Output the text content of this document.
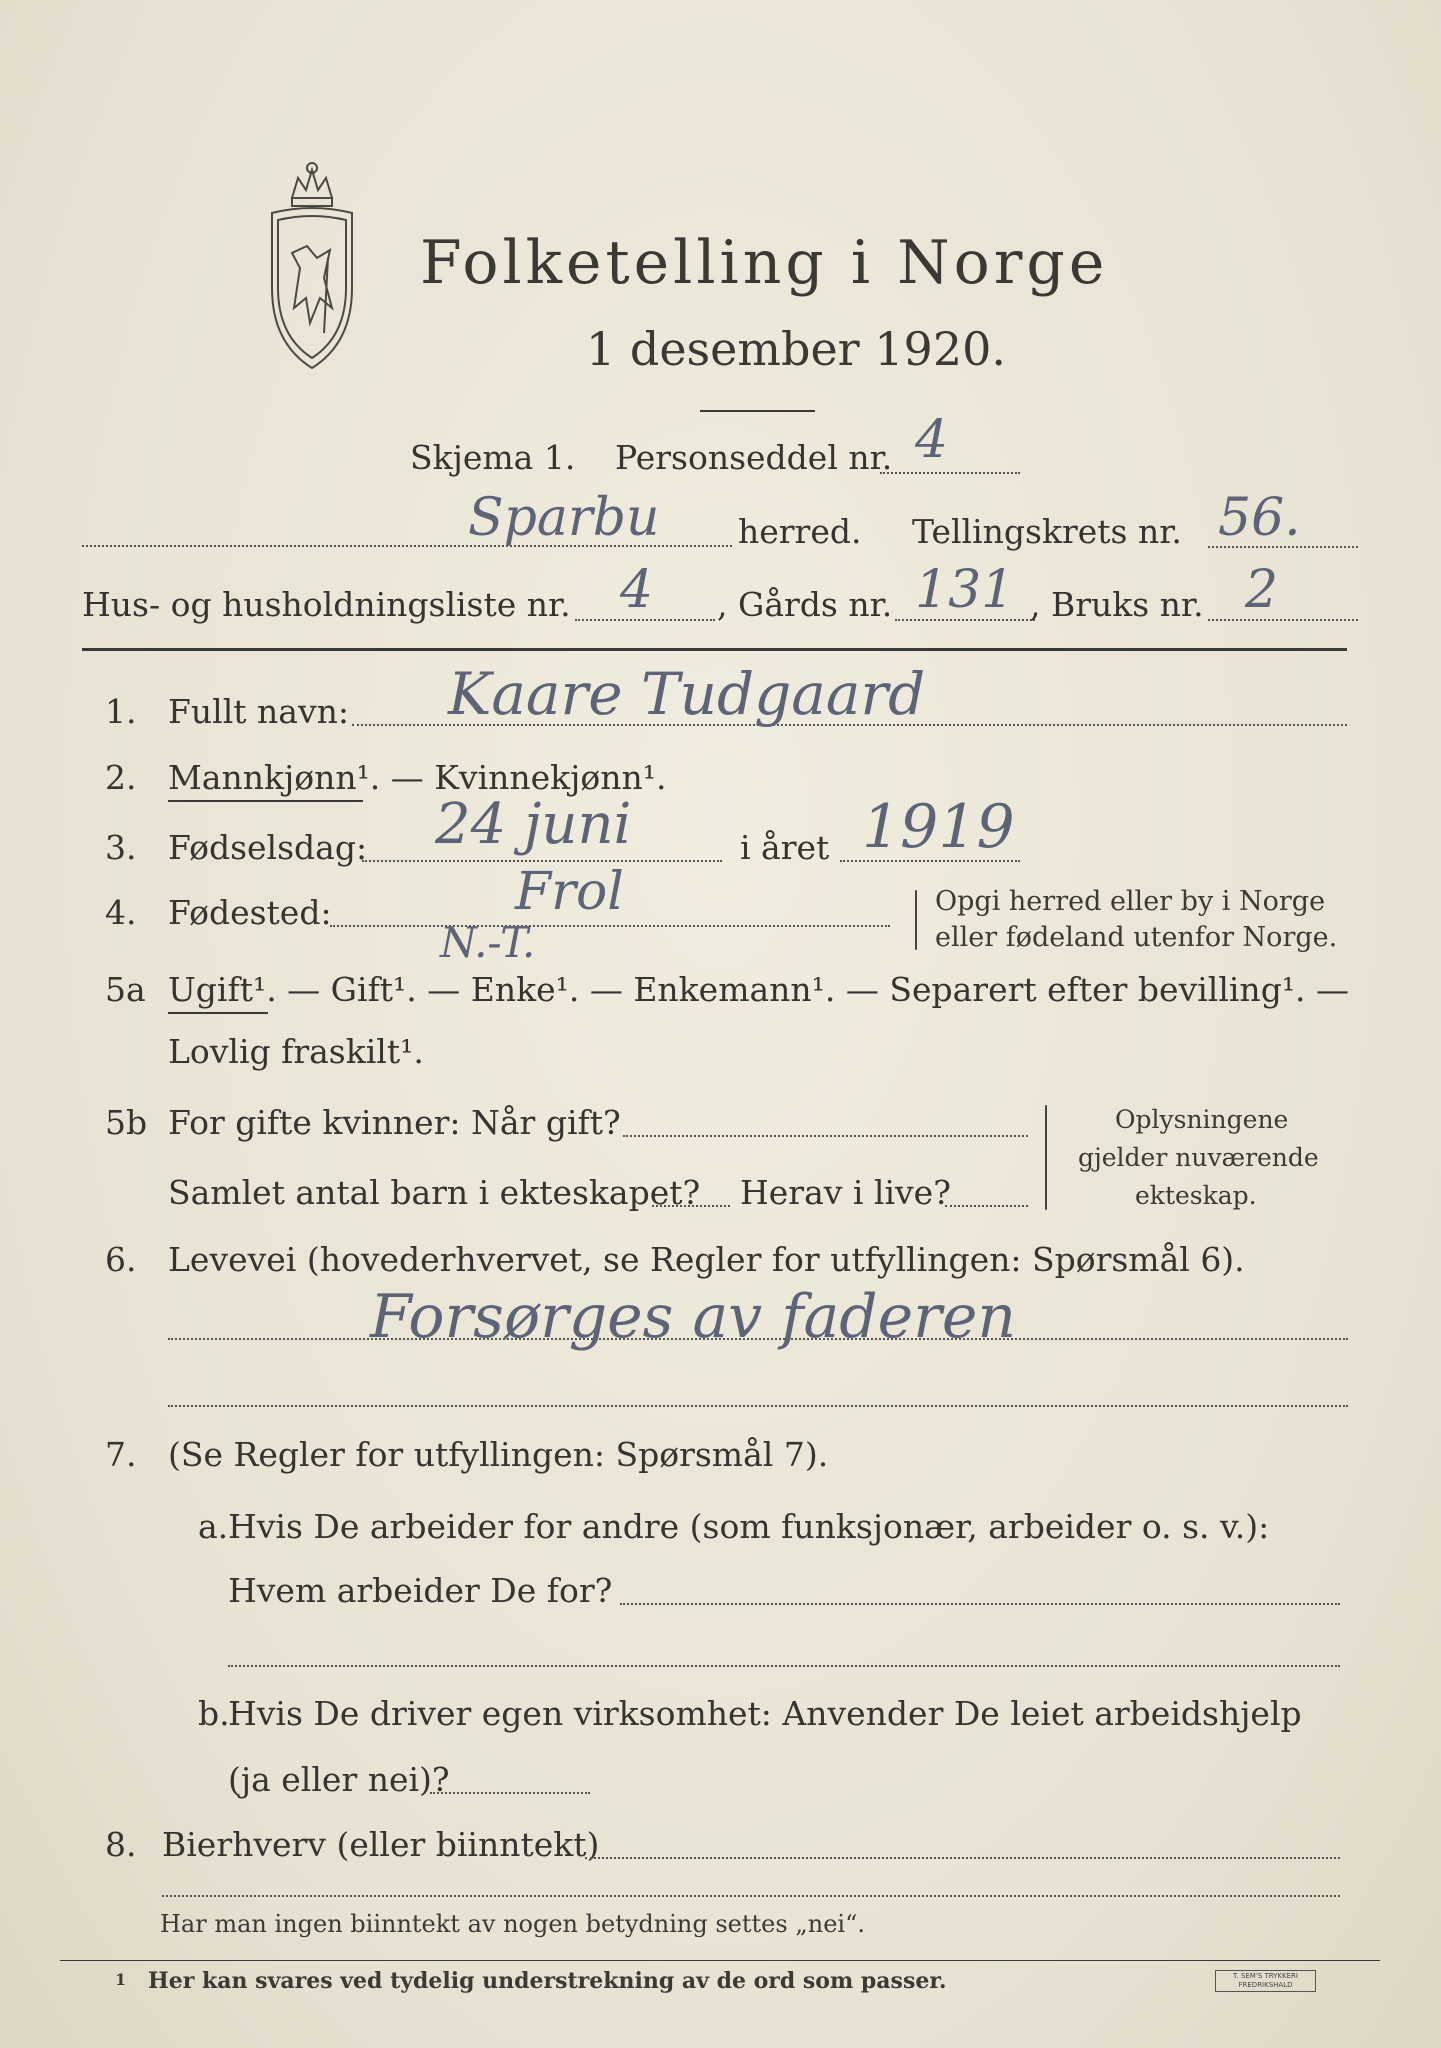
Folketelling i Norge
1 desember 1920.
Skjema 1. Personseddel nr. 4
Sparbu herred. Tellingskrets nr. 56.
Hus- og husholdningsliste nr. 4 , Gårds nr. 131 , Bruks nr. 2
1. Fullt navn: Kaare Tudgaard
2. Mannkjønn¹. — Kvinnekjønn¹.
3. Fødselsdag: 24 juni	i året 1919
4. Fødested:	Frol
N.-T.
Opgi herred eller by i Norge
eller fødeland utenfor Norge.
5a Ugift¹. — Gift¹. — Enke¹. — Enkemann¹. — Separert efter bevilling¹. —
Lovlig fraskilt¹.
5b For gifte kvinner: Når gift?
Samlet antal barn i ekteskapet? Herav i live?
Oplysningene
gjelder nuværende
ekteskap.
6. Levevei (hovederhvervet, se Regler for utfyllingen: Spørsmål 6).
Forsørges av faderen
7. (Se Regler for utfyllingen: Spørsmål 7).
a. Hvis De arbeider for andre (som funksjonær, arbeider o. s. v.):
Hvem arbeider De for?
b.
Hvis De driver egen virksomhet: Anvender De leiet arbeidshjelp
(ja eller nei)?
8. Bierhverv (eller biinntekt)
Har man ingen biinntekt av nogen betydning settes „nei“.
1 Her kan svares ved tydelig understrekning av de ord som passer.	T. SEM'S TRYKKERI FREDRIKSHALD
